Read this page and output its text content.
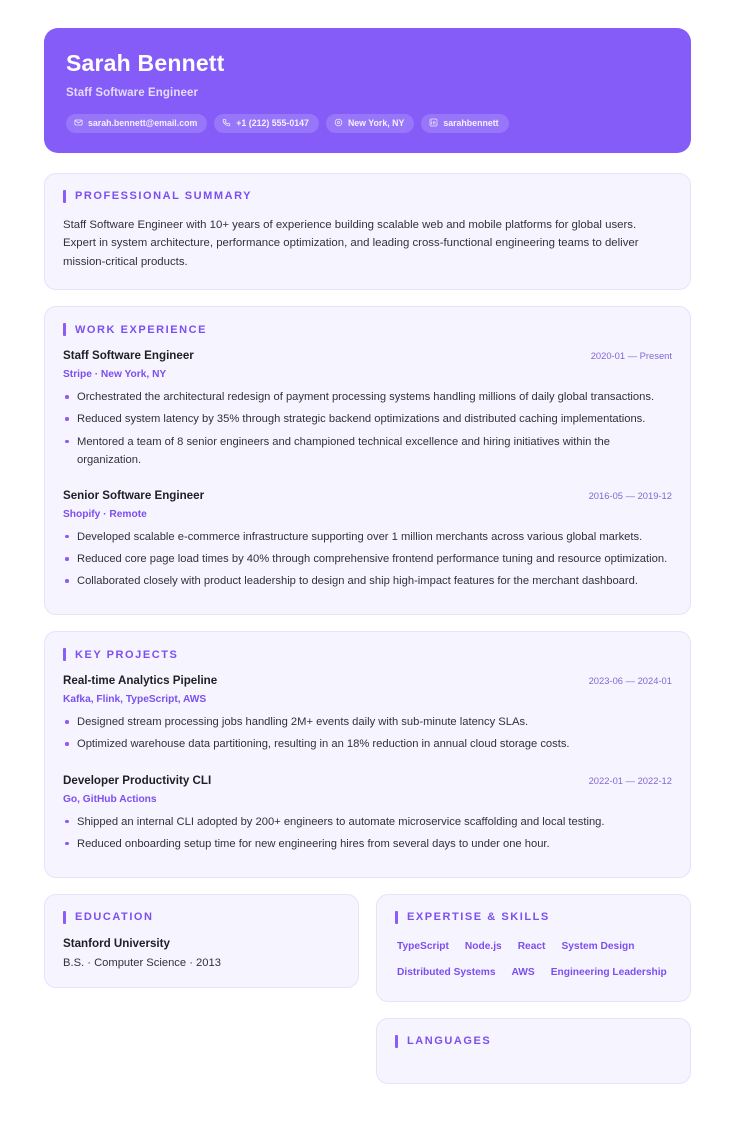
Sarah Bennett
Staff Software Engineer
sarah.bennett@email.com	+1 (212) 555-0147	New York, NY	sarahbennett
PROFESSIONAL SUMMARY
Staff Software Engineer with 10+ years of experience building scalable web and mobile platforms for global users. Expert in system architecture, performance optimization, and leading cross-functional engineering teams to deliver mission-critical products.
WORK EXPERIENCE
Staff Software Engineer	2020-01 — Present
Stripe · New York, NY
Orchestrated the architectural redesign of payment processing systems handling millions of daily global transactions.
Reduced system latency by 35% through strategic backend optimizations and distributed caching implementations.
Mentored a team of 8 senior engineers and championed technical excellence and hiring initiatives within the organization.
Senior Software Engineer	2016-05 — 2019-12
Shopify · Remote
Developed scalable e-commerce infrastructure supporting over 1 million merchants across various global markets.
Reduced core page load times by 40% through comprehensive frontend performance tuning and resource optimization.
Collaborated closely with product leadership to design and ship high-impact features for the merchant dashboard.
KEY PROJECTS
Real-time Analytics Pipeline	2023-06 — 2024-01
Kafka, Flink, TypeScript, AWS
Designed stream processing jobs handling 2M+ events daily with sub-minute latency SLAs.
Optimized warehouse data partitioning, resulting in an 18% reduction in annual cloud storage costs.
Developer Productivity CLI	2022-01 — 2022-12
Go, GitHub Actions
Shipped an internal CLI adopted by 200+ engineers to automate microservice scaffolding and local testing.
Reduced onboarding setup time for new engineering hires from several days to under one hour.
EDUCATION
Stanford University
B.S. · Computer Science · 2013
EXPERTISE & SKILLS
TypeScript Node.js React System Design
Distributed Systems AWS Engineering Leadership
LANGUAGES
